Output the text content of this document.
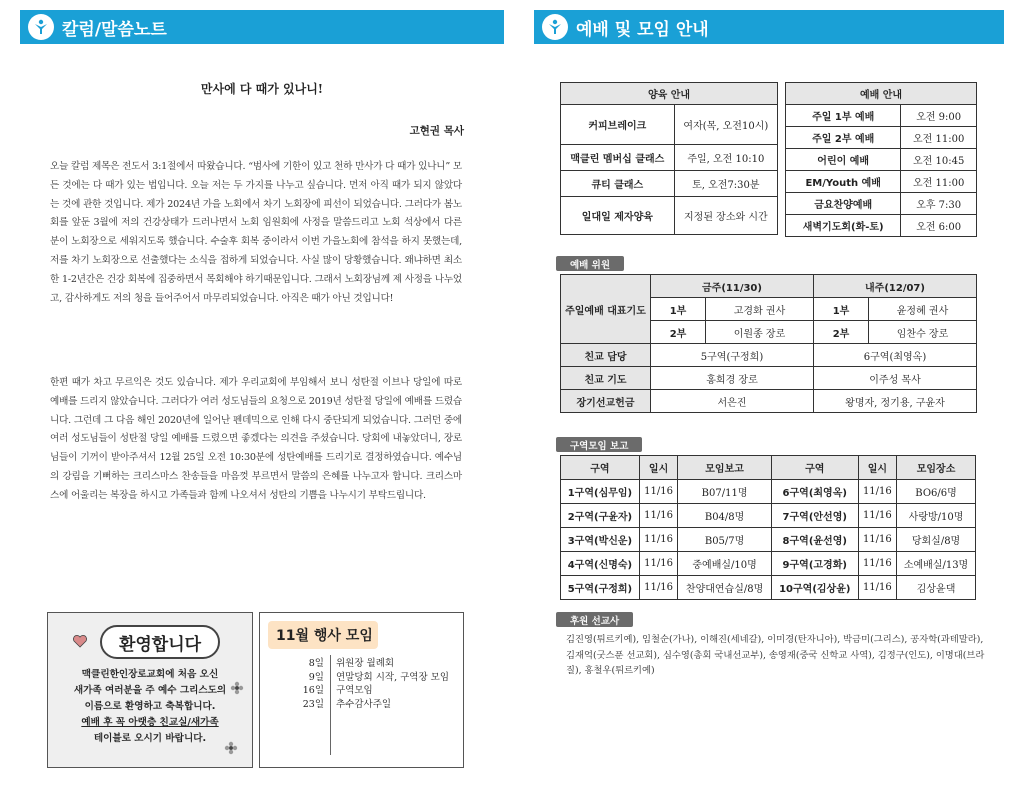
칼럼/말씀노트	예배 및 모임 안내
만사에 다 때가 있나니!
고현권 목사

오늘 칼럼 제목은 전도서 3:1절에서 따왔습니다. “범사에 기한이 있고 천하 만사가 다 때가 있나니” 모든 것에는 다 때가 있는 법입니다. 오늘 저는 두 가지를 나누고 싶습니다. 먼저 아직 때가 되지 않았다는 것에 관한 것입니다. 제가 2024년 가을 노회에서 차기 노회장에 피선이 되었습니다. 그러다가 봄노회를 앞둔 3월에 저의 건강상태가 드러나면서 노회 임원회에 사정을 말씀드리고 노회 석상에서 다른 분이 노회장으로 세워지도록 했습니다. 수술후 회복 중이라서 이번 가을노회에 참석을 하지 못했는데, 저를 차기 노회장으로 선출했다는 소식을 접하게 되었습니다. 사실 많이 당황했습니다. 왜냐하면 최소한 1-2년간은 건강 회복에 집중하면서 목회해야 하기때문입니다. 그래서 노회장님께 제 사정을 나누었고, 감사하게도 저의 청을 들어주어서 마무리되었습니다. 아직은 때가 아닌 것입니다!

한편 때가 차고 무르익은 것도 있습니다. 제가 우리교회에 부임해서 보니 성탄절 이브나 당일에 따로 예배를 드리지 않았습니다. 그러다가 여러 성도님들의 요청으로 2019년 성탄절 당일에 예배를 드렸습니다. 그런데 그 다음 해인 2020년에 일어난 펜데믹으로 인해 다시 중단되게 되었습니다. 그러던 중에 여러 성도님들이 성탄절 당일 예배를 드렸으면 좋겠다는 의견을 주셨습니다. 당회에 내놓았더니, 장로님들이 기꺼이 받아주셔서 12월 25일 오전 10:30분에 성탄예배를 드리기로 결정하였습니다. 예수님의 강림을 기뻐하는 크리스마스 찬송들을 마음껏 부르면서 말씀의 은혜를 나누고자 합니다. 크리스마스에 어울리는 복장을 하시고 가족들과 함께 나오셔서 성탄의 기쁨을 나누시기 부탁드립니다.

환영합니다
맥클린한인장로교회에 처음 오신
새가족 여러분을 주 예수 그리스도의
이름으로 환영하고 축복합니다.
예배 후 꼭 아랫층 친교실/새가족
테이블로 오시기 바랍니다.
11월 행사 모임
8일 위원장 월례회
9일 연말당회 시작, 구역장 모임
16일 구역모임
23일 추수감사주일
양육 안내	
커피브레이크	여자(목, 오전10시)
맥클린 멤버십 클래스	주일, 오전 10:10
큐티 클래스	토, 오전7:30분
일대일 제자양육	지정된 장소와 시간
예배 안내	
주일 1부 예배	오전 9:00
주일 2부 예배	오전 11:00
어린이 예배	오전 10:45
EM/Youth 예배	오전 11:00
금요찬양예배	오후 7:30
새벽기도회(화-토)	오전 6:00
예배 위원
주일예배 대표기도	금주(11/30)		내주(12/07)	
	1부	고경화 권사	1부	윤정혜 권사
	2부	이원종 장로	2부	임찬수 장로
친교 담당	5구역(구정희)		6구역(최영옥)	
친교 기도	홍희경 장로		이주성 목사	
장기선교헌금	서은진		왕명자, 정기용, 구윤자	
구역모임 보고
구역	일시	모임보고	구역	일시	모임장소
1구역(심무임)	11/16	B07/11명	6구역(최영옥)	11/16	BO6/6명
2구역(구윤자)	11/16	B04/8명	7구역(안선영)	11/16	사랑방/10명
3구역(박신운)	11/16	B05/7명	8구역(윤선영)	11/16	당회실/8명
4구역(신명숙)	11/16	중예배실/10명	9구역(고경화)	11/16	소예배실/13명
5구역(구정희)	11/16	찬양대연습실/8명	10구역(김상윤)	11/16	김상윤댁
후원 선교사
김진영(튀르키예), 임철순(가나), 이해진(세네갈), 이미경(탄자니아), 박금미(그리스), 공자학(과테말라), 김재억(굿스푼 선교회), 심수영(총회 국내선교부), 송영재(중국 신학교 사역), 김정구(인도), 이명대(브라질), 홍철우(튀르키예)
